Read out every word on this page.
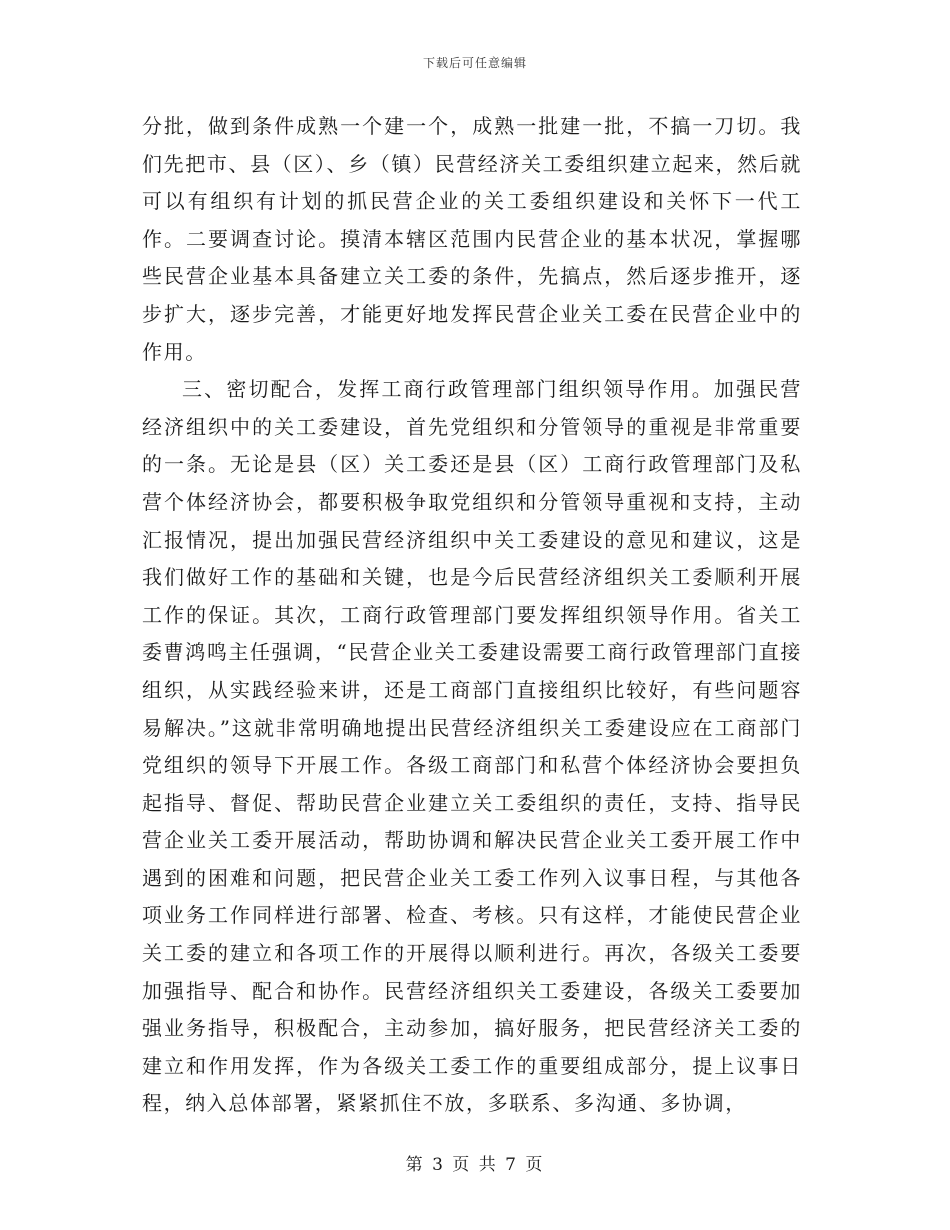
下载后可任意编辑

分批，做到条件成熟一个建一个，成熟一批建一批，不搞一刀切。我们先把市、县（区）、乡（镇）民营经济关工委组织建立起来，然后就可以有组织有计划的抓民营企业的关工委组织建设和关怀下一代工作。二要调查讨论。摸清本辖区范围内民营企业的基本状况，掌握哪些民营企业基本具备建立关工委的条件，先搞点，然后逐步推开，逐步扩大，逐步完善，才能更好地发挥民营企业关工委在民营企业中的作用。

三、密切配合，发挥工商行政管理部门组织领导作用。加强民营经济组织中的关工委建设，首先党组织和分管领导的重视是非常重要的一条。无论是县（区）关工委还是县（区）工商行政管理部门及私营个体经济协会，都要积极争取党组织和分管领导重视和支持，主动汇报情况，提出加强民营经济组织中关工委建设的意见和建议，这是我们做好工作的基础和关键，也是今后民营经济组织关工委顺利开展工作的保证。其次，工商行政管理部门要发挥组织领导作用。省关工委曹鸿鸣主任强调，“民营企业关工委建设需要工商行政管理部门直接组织，从实践经验来讲，还是工商部门直接组织比较好，有些问题容易解决。”这就非常明确地提出民营经济组织关工委建设应在工商部门党组织的领导下开展工作。各级工商部门和私营个体经济协会要担负起指导、督促、帮助民营企业建立关工委组织的责任，支持、指导民营企业关工委开展活动，帮助协调和解决民营企业关工委开展工作中遇到的困难和问题，把民营企业关工委工作列入议事日程，与其他各项业务工作同样进行部署、检查、考核。只有这样，才能使民营企业关工委的建立和各项工作的开展得以顺利进行。再次，各级关工委要加强指导、配合和协作。民营经济组织关工委建设，各级关工委要加强业务指导，积极配合，主动参加，搞好服务，把民营经济关工委的建立和作用发挥，作为各级关工委工作的重要组成部分，提上议事日程，纳入总体部署，紧紧抓住不放，多联系、多沟通、多协调，

第 3 页 共 7 页
